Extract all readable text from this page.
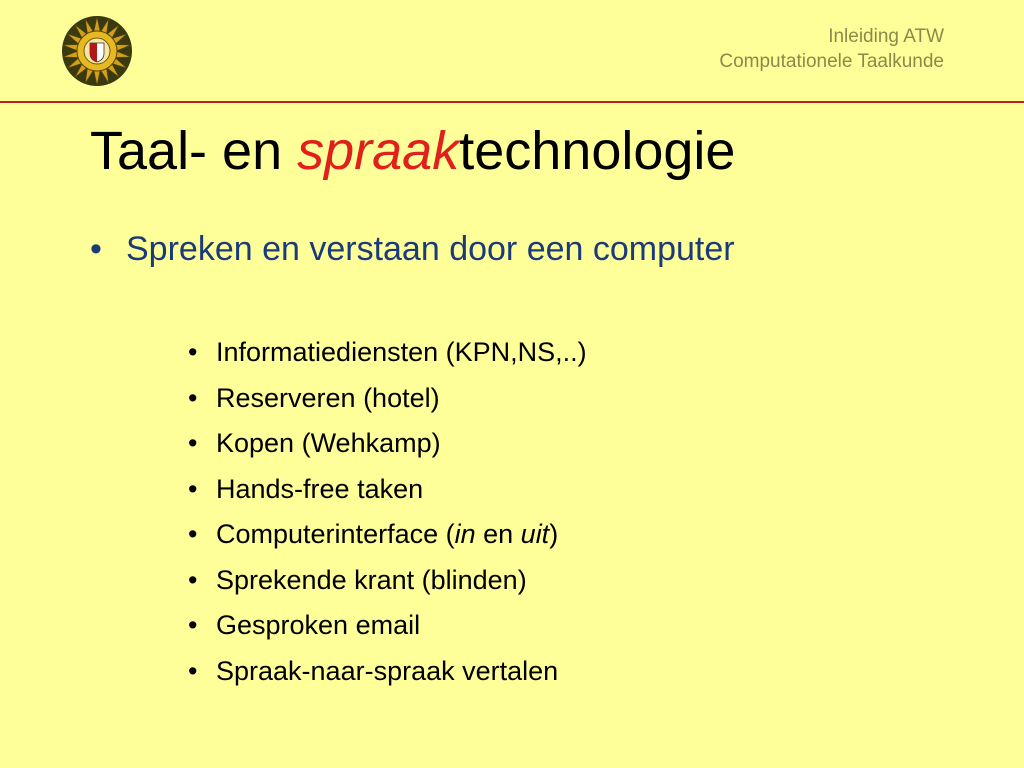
Inleiding ATW
Computationele Taalkunde
Taal- en spraaktechnologie
• Spreken en verstaan door een computer
• Informatiediensten (KPN,NS,..)
• Reserveren (hotel)
• Kopen (Wehkamp)
• Hands-free taken
• Computerinterface (in en uit)
• Sprekende krant (blinden)
• Gesproken email
• Spraak-naar-spraak vertalen
